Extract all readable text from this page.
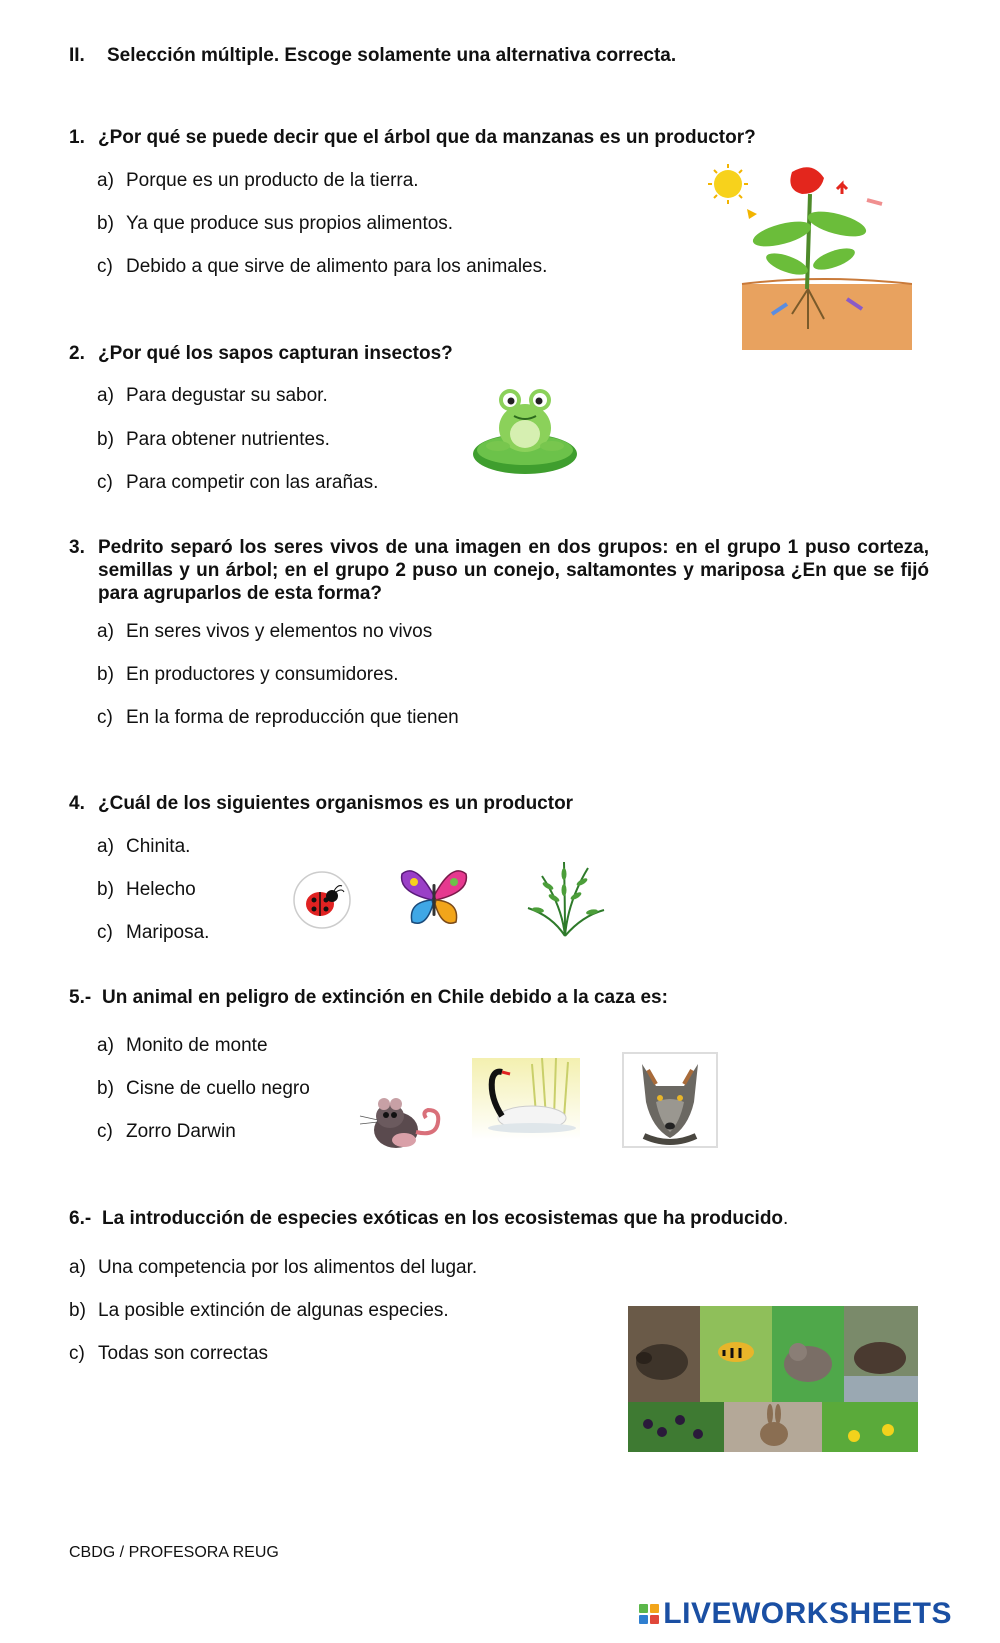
II. Selección múltiple. Escoge solamente una alternativa correcta.
1. ¿Por qué se puede decir que el árbol que da manzanas es un productor?
a) Porque es un producto de la tierra.
b) Ya que produce sus propios alimentos.
c) Debido a que sirve de alimento para los animales.
2. ¿Por qué los sapos capturan insectos?
a) Para degustar su sabor.
b) Para obtener nutrientes.
c) Para competir con las arañas.
3. Pedrito separó los seres vivos de una imagen en dos grupos: en el grupo 1 puso corteza, semillas y un árbol; en el grupo 2 puso un conejo, saltamontes y mariposa ¿En que se fijó para agruparlos de esta forma?
a) En seres vivos y elementos no vivos
b) En productores y consumidores.
c) En la forma de reproducción que tienen
4. ¿Cuál de los siguientes organismos es un productor
a) Chinita.
b) Helecho
c) Mariposa.
5.- Un animal en peligro de extinción en Chile debido a la caza es:
a) Monito de monte
b) Cisne de cuello negro
c) Zorro Darwin
6.- La introducción de especies exóticas en los ecosistemas que ha producido.
a) Una competencia por los alimentos del lugar.
b) La posible extinción de algunas especies.
c) Todas son correctas
CBDG / PROFESORA REUG
LIVEWORKSHEETS
